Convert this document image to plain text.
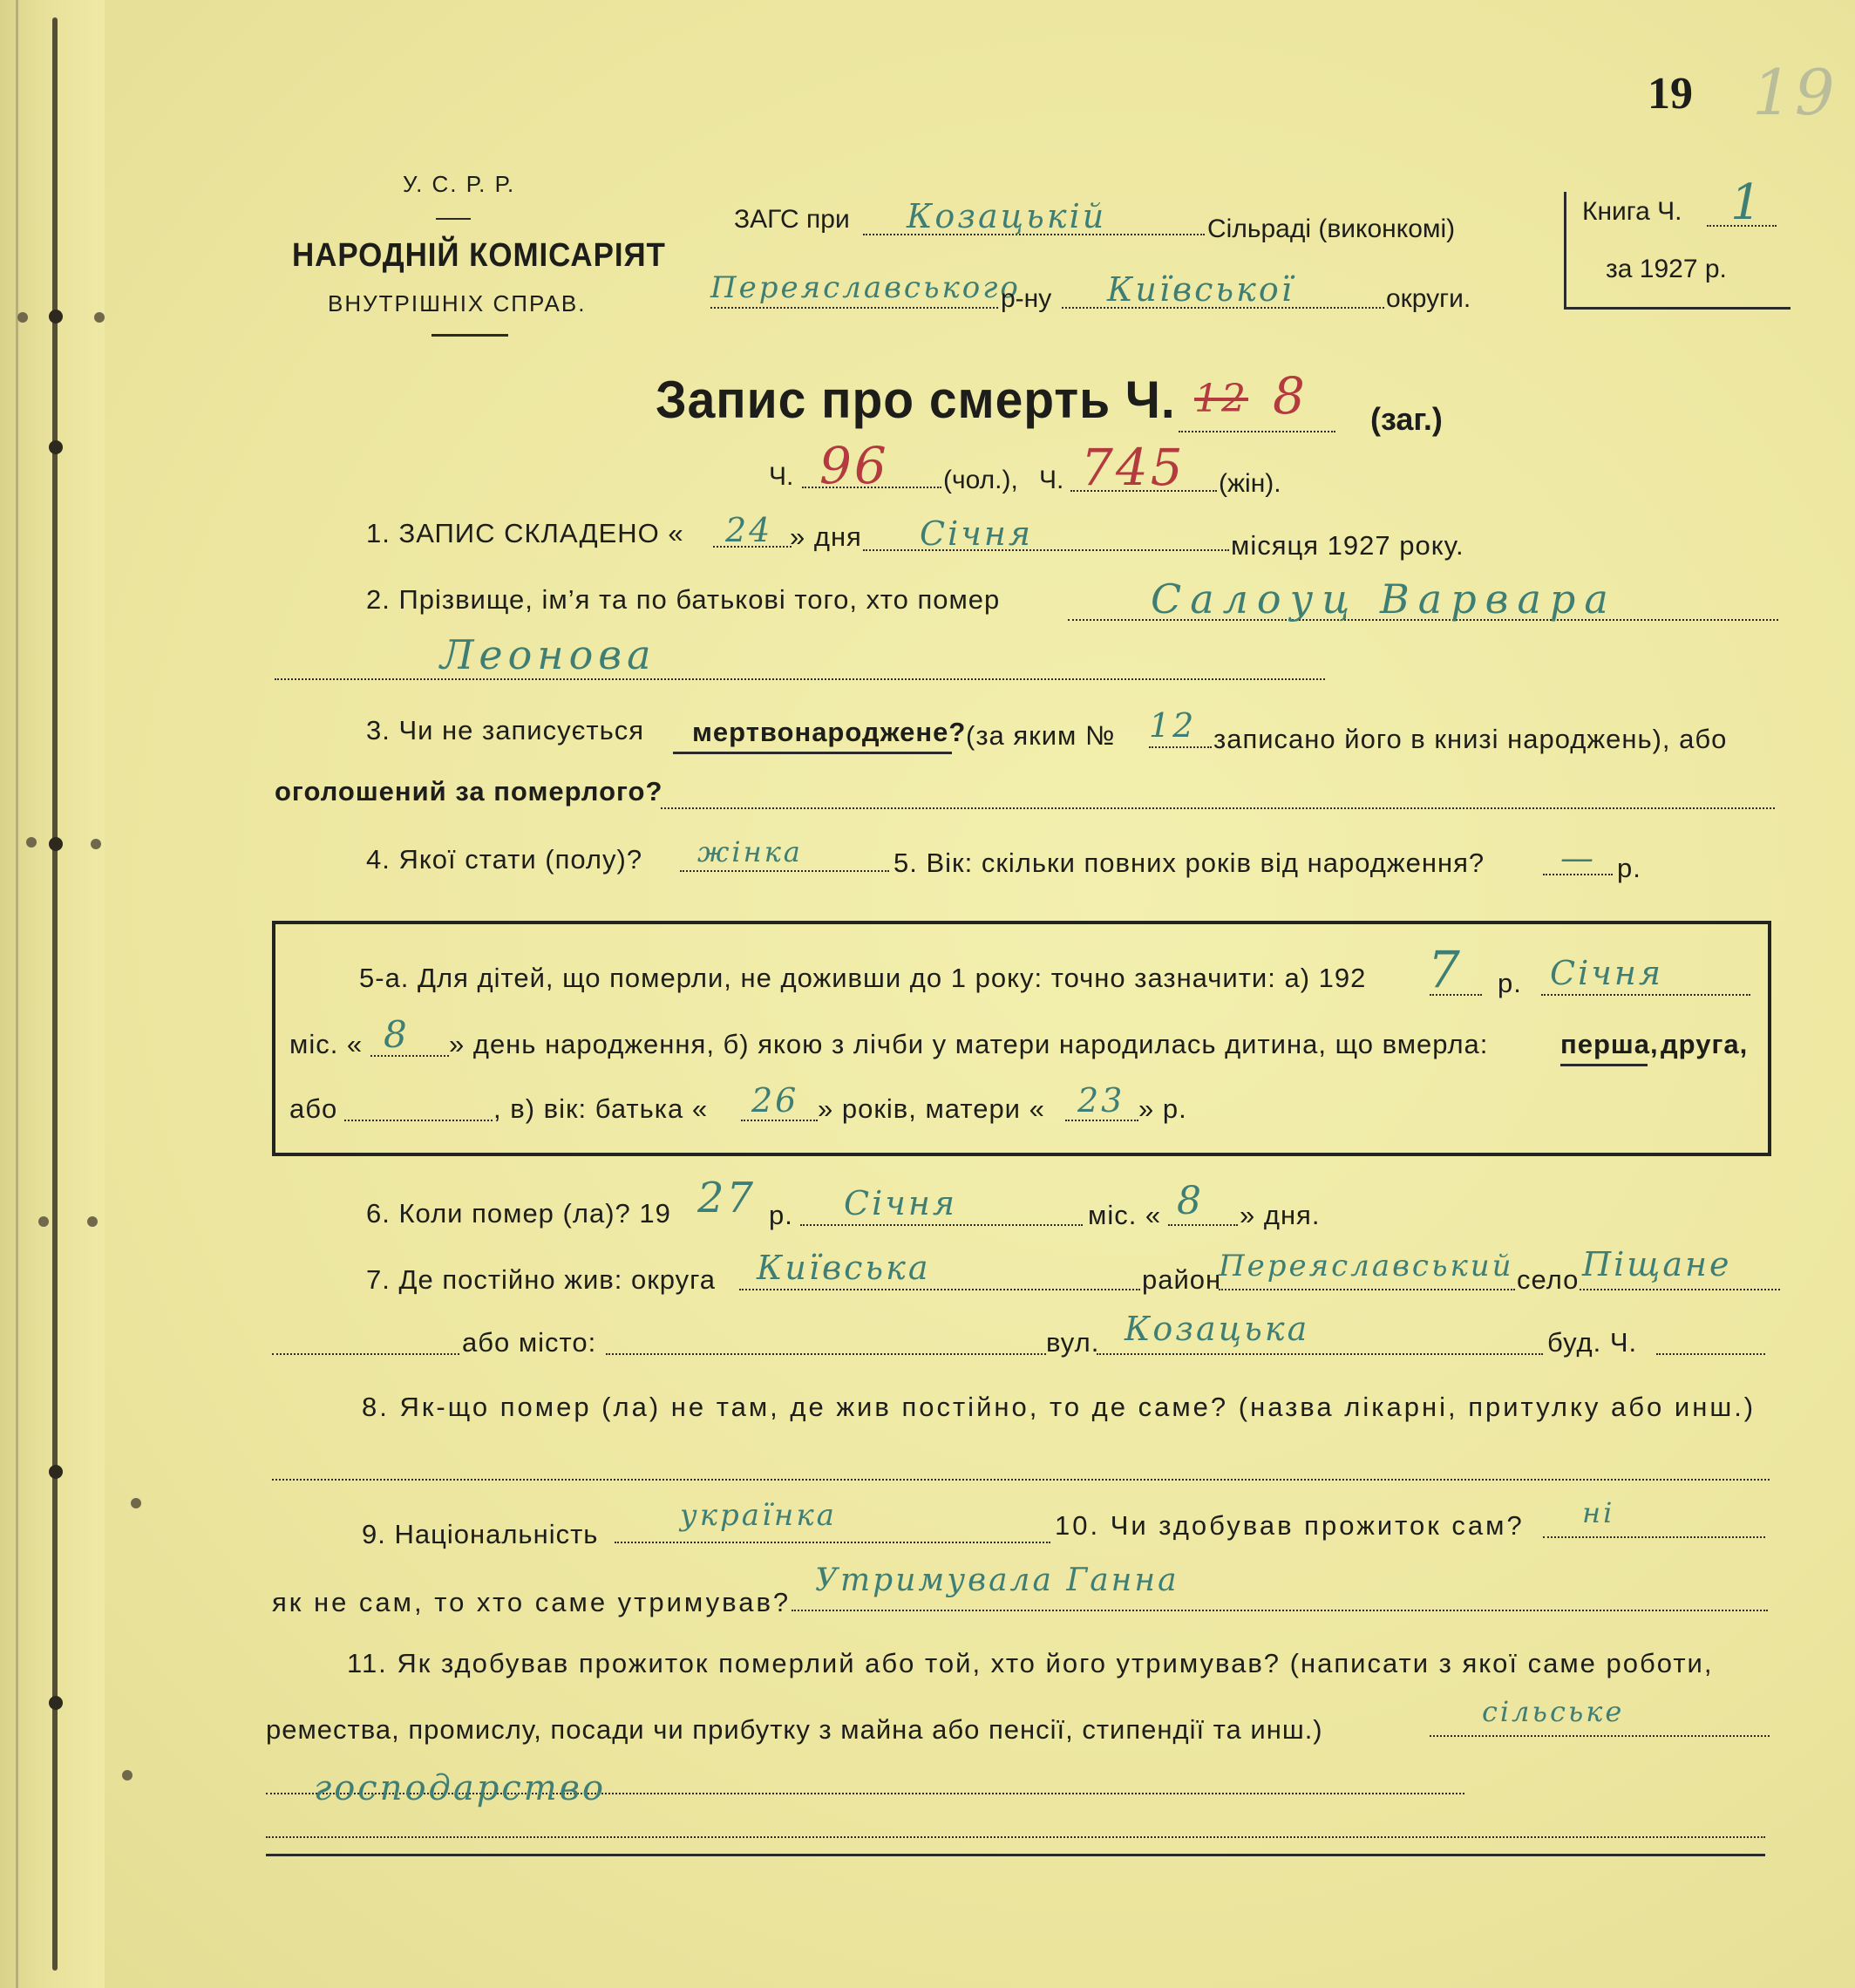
19 19
У. С. Р. Р.
НАРОДНІЙ КОМІСАРІЯТ
ВНУТРІШНІХ СПРАВ.
ЗАГС при Козацькій	Сільраді (виконкомі)
Переяславського
р-ну Київської	округи.
Книга Ч. 1
за 1927 р.
Запис про смерть Ч. 12 8 (заг.)
Ч. 96 (чол.), Ч. 745 (жін).
1. ЗАПИС СКЛАДЕНО « 24 » дня Січня	місяця 1927 року.
2. Прізвище, ім’я та по батькові того, хто помер	Салоуц Варвара
Леонова
3. Чи не записується мертвонароджене? (за яким № 12 записано його в книзі народжень), або
оголошений за померлого?
4. Якої стати (полу)? жінка	5. Вік: скільки повних років від народження? — р.
5-а. Для дітей, що померли, не доживши до 1 року: точно зазначити: а) 192 7 р. Січня
міс. « 8 » день народження, б) якою з лічби у матери народилась дитина, що вмерла:	перша, друга,
або	, в) вік: батька « 26 » років, матери « 23 » р.
6. Коли помер (ла)? 19 27 р. Січня	міс. « 8 » дня.
7. Де постійно жив: округа Київська	район
Переяславський село Піщане
або місто:	вул. Козацька	буд. Ч.
8. Як-що помер (ла) не там, де жив постійно, то де саме? (назва лікарні, притулку або инш.)
9. Національність
українка	10. Чи здобував прожиток сам? ні
як не сам, то хто саме утримував?
Утримувала Ганна
11. Як здобував прожиток померлий або той, хто його утримував? (написати з якої саме роботи,
ремества, промислу, посади чи прибутку з майна або пенсії, стипендії та инш.)
сільське
господарство
